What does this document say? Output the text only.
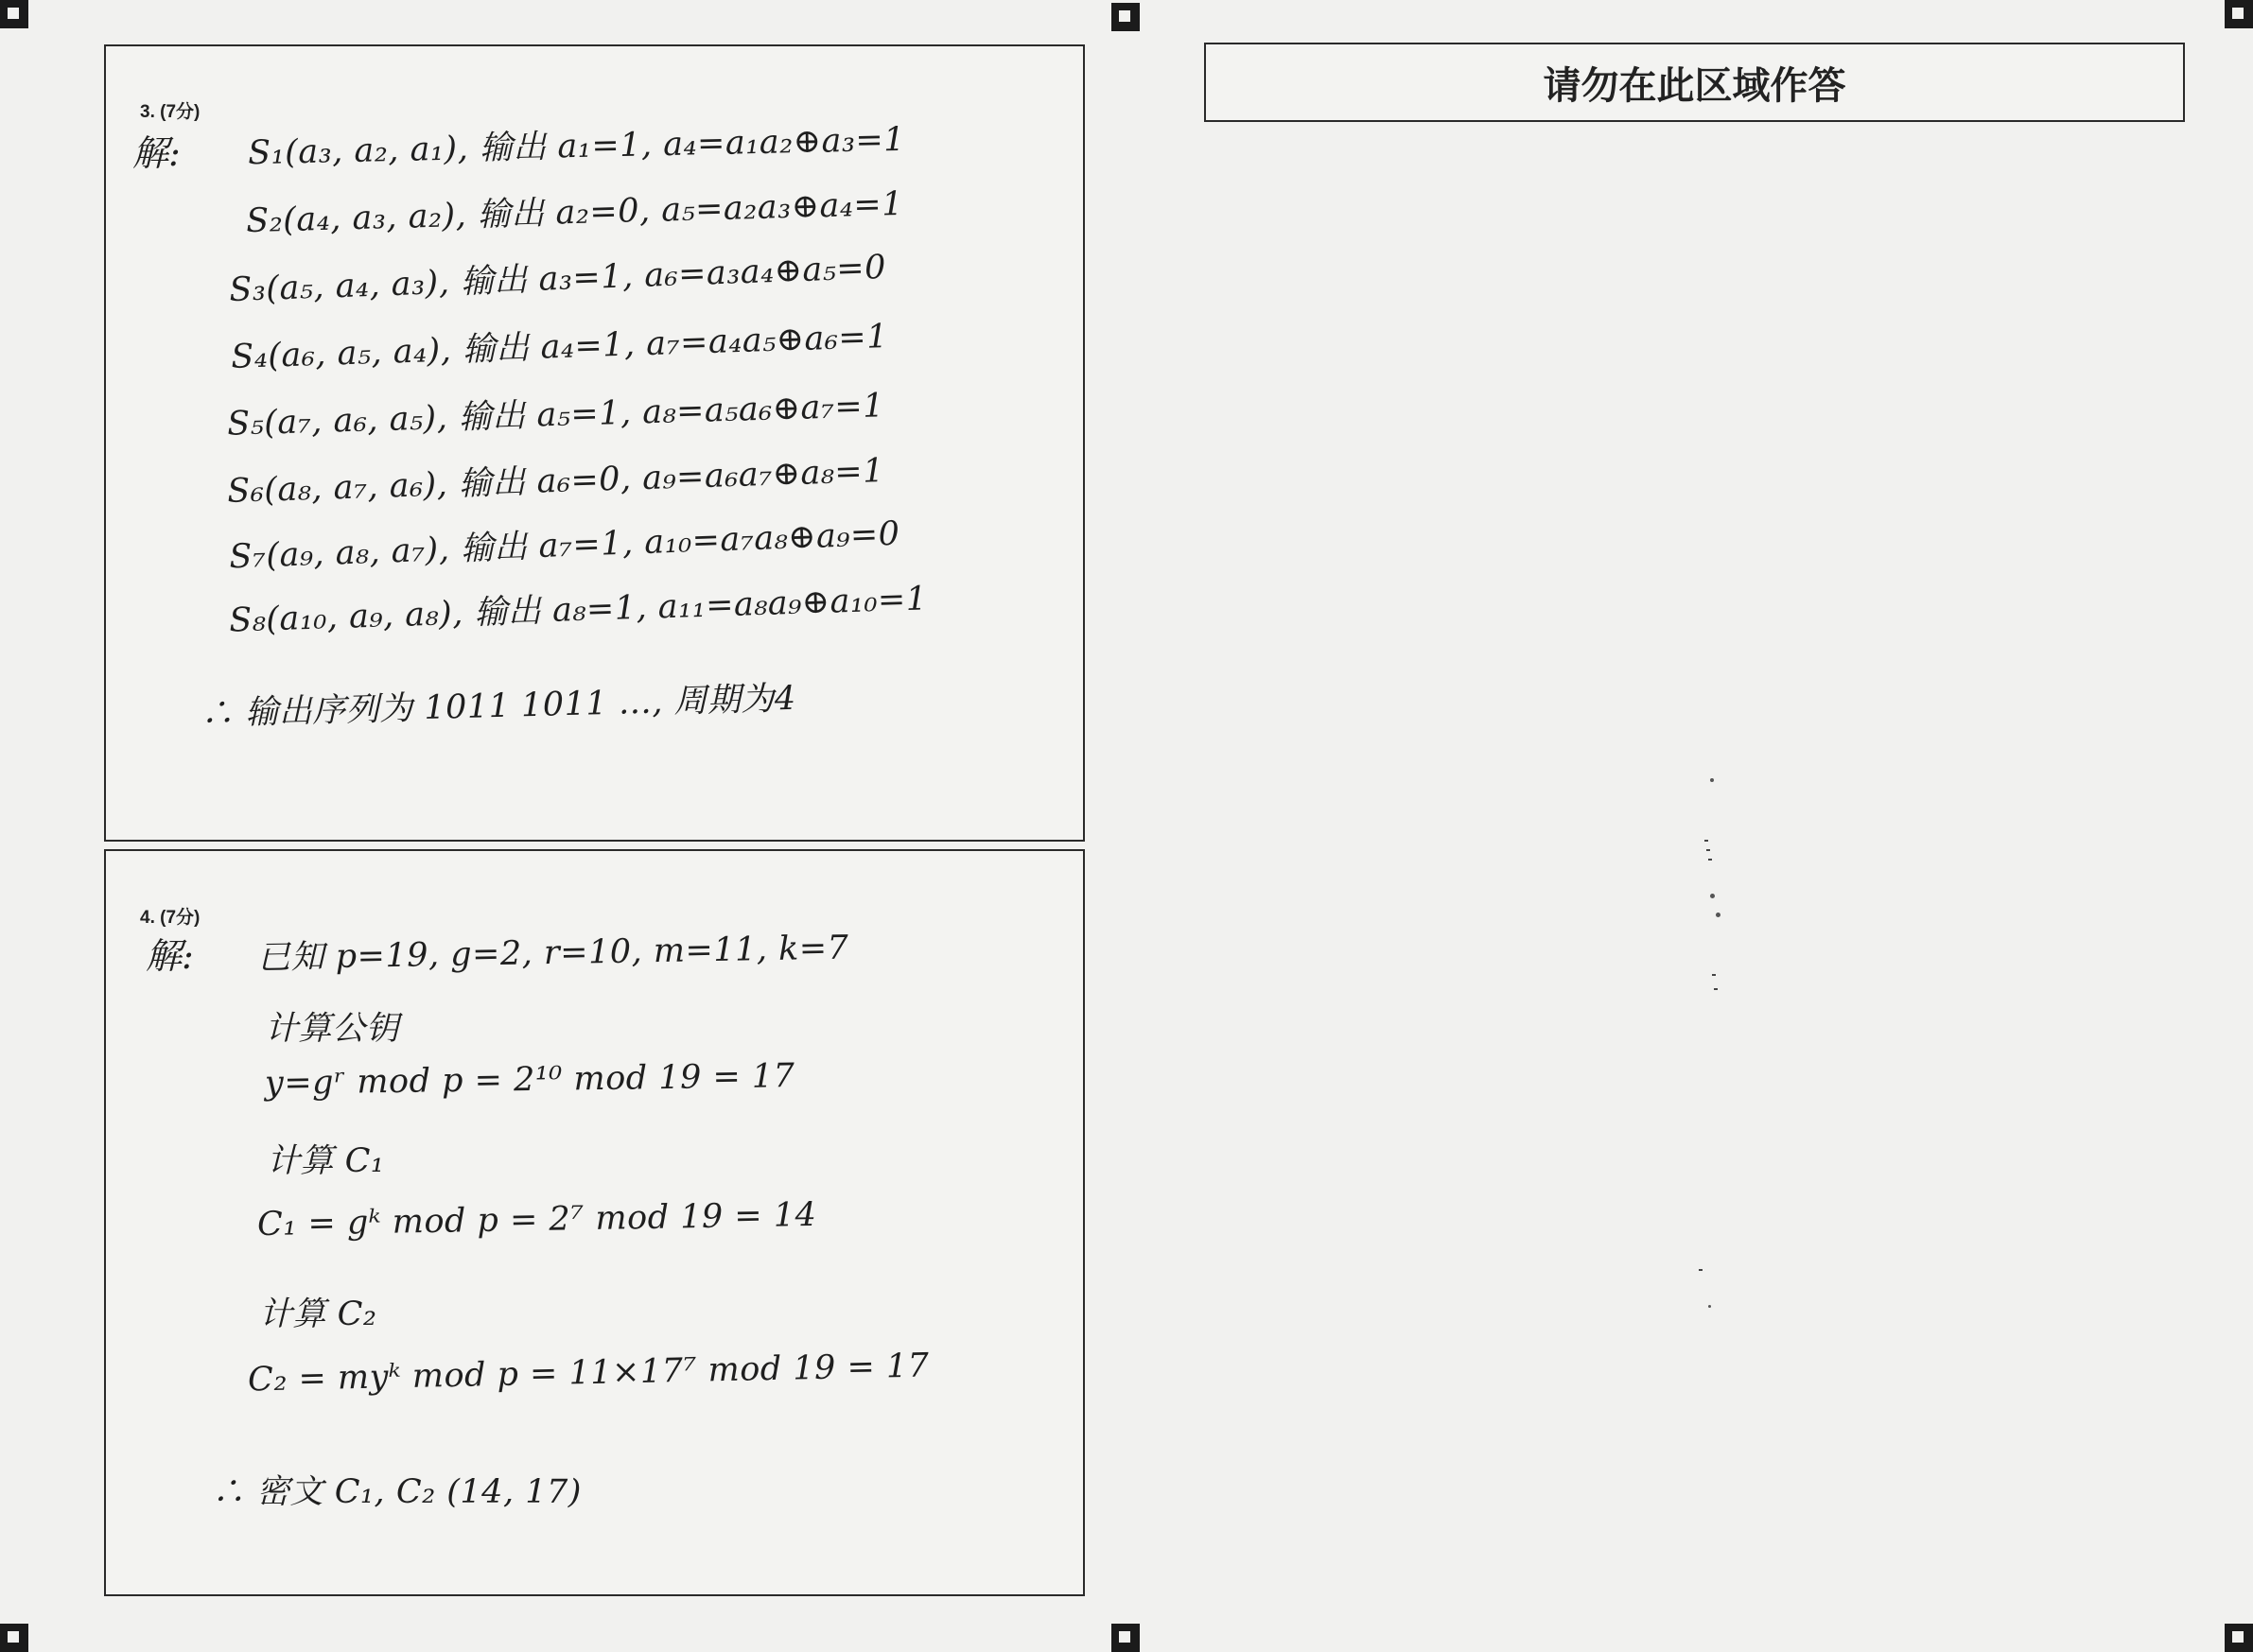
3. (7分)
解: S₁(a₃, a₂, a₁), 输出 a₁=1, a₄=a₁a₂⊕a₃=1
S₂(a₄, a₃, a₂), 输出 a₂=0, a₅=a₂a₃⊕a₄=1
S₃(a₅, a₄, a₃), 输出 a₃=1, a₆=a₃a₄⊕a₅=0
S₄(a₆, a₅, a₄), 输出 a₄=1, a₇=a₄a₅⊕a₆=1
S₅(a₇, a₆, a₅), 输出 a₅=1, a₈=a₅a₆⊕a₇=1
S₆(a₈, a₇, a₆), 输出 a₆=0, a₉=a₆a₇⊕a₈=1
S₇(a₉, a₈, a₇), 输出 a₇=1, a₁₀=a₇a₈⊕a₉=0
S₈(a₁₀, a₉, a₈), 输出 a₈=1, a₁₁=a₈a₉⊕a₁₀=1
∴ 输出序列为 1011 1011 …, 周期为4
4. (7分)
解: 已知 p=19, g=2, r=10, m=11, k=7
计算公钥
y=gʳ mod p = 2¹⁰ mod 19 = 17
计算 C₁
C₁ = gᵏ mod p = 2⁷ mod 19 = 14
计算 C₂
C₂ = myᵏ mod p = 11×17⁷ mod 19 = 17
∴ 密文 C₁, C₂ (14, 17)
请勿在此区域作答
